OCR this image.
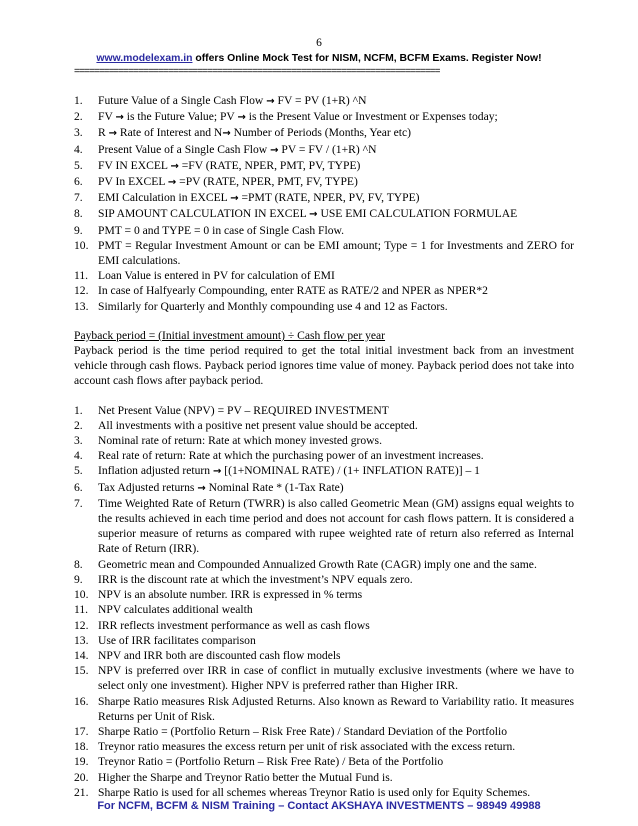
6
www.modelexam.in offers Online Mock Test for NISM, NCFM, BCFM Exams. Register Now!
==========================================================================
1. Future Value of a Single Cash Flow → FV = PV (1+R) ^N
2. FV → is the Future Value; PV → is the Present Value or Investment or Expenses today;
3. R → Rate of Interest and N→ Number of Periods (Months, Year etc)
4. Present Value of a Single Cash Flow → PV = FV / (1+R) ^N
5. FV IN EXCEL → =FV (RATE, NPER, PMT, PV, TYPE)
6. PV In EXCEL → =PV (RATE, NPER, PMT, FV, TYPE)
7. EMI Calculation in EXCEL → =PMT (RATE, NPER, PV, FV, TYPE)
8. SIP AMOUNT CALCULATION IN EXCEL → USE EMI CALCULATION FORMULAE
9. PMT = 0 and TYPE = 0 in case of Single Cash Flow.
10. PMT = Regular Investment Amount or can be EMI amount; Type = 1 for Investments and ZERO for EMI calculations.
11. Loan Value is entered in PV for calculation of EMI
12. In case of Halfyearly Compounding, enter RATE as RATE/2 and NPER as NPER*2
13. Similarly for Quarterly and Monthly compounding use 4 and 12 as Factors.

Payback period = (Initial investment amount) ÷ Cash flow per year

Payback period is the time period required to get the total initial investment back from an investment vehicle through cash flows. Payback period ignores time value of money. Payback period does not take into account cash flows after payback period.

1. Net Present Value (NPV) = PV – REQUIRED INVESTMENT
2. All investments with a positive net present value should be accepted.
3. Nominal rate of return: Rate at which money invested grows.
4. Real rate of return: Rate at which the purchasing power of an investment increases.
5. Inflation adjusted return → [(1+NOMINAL RATE) / (1+ INFLATION RATE)] – 1
6. Tax Adjusted returns → Nominal Rate * (1-Tax Rate)
7. Time Weighted Rate of Return (TWRR) is also called Geometric Mean (GM) assigns equal weights to the results achieved in each time period and does not account for cash flows pattern. It is considered a superior measure of returns as compared with rupee weighted rate of return also referred as Internal Rate of Return (IRR).
8. Geometric mean and Compounded Annualized Growth Rate (CAGR) imply one and the same.
9. IRR is the discount rate at which the investment’s NPV equals zero.
10. NPV is an absolute number. IRR is expressed in % terms
11. NPV calculates additional wealth
12. IRR reflects investment performance as well as cash flows
13. Use of IRR facilitates comparison
14. NPV and IRR both are discounted cash flow models
15. NPV is preferred over IRR in case of conflict in mutually exclusive investments (where we have to select only one investment). Higher NPV is preferred rather than Higher IRR.
16. Sharpe Ratio measures Risk Adjusted Returns. Also known as Reward to Variability ratio. It measures Returns per Unit of Risk.
17. Sharpe Ratio = (Portfolio Return – Risk Free Rate) / Standard Deviation of the Portfolio
18. Treynor ratio measures the excess return per unit of risk associated with the excess return.
19. Treynor Ratio = (Portfolio Return – Risk Free Rate) / Beta of the Portfolio
20. Higher the Sharpe and Treynor Ratio better the Mutual Fund is.
21. Sharpe Ratio is used for all schemes whereas Treynor Ratio is used only for Equity Schemes.
For NCFM, BCFM & NISM Training – Contact AKSHAYA INVESTMENTS – 98949 49988
